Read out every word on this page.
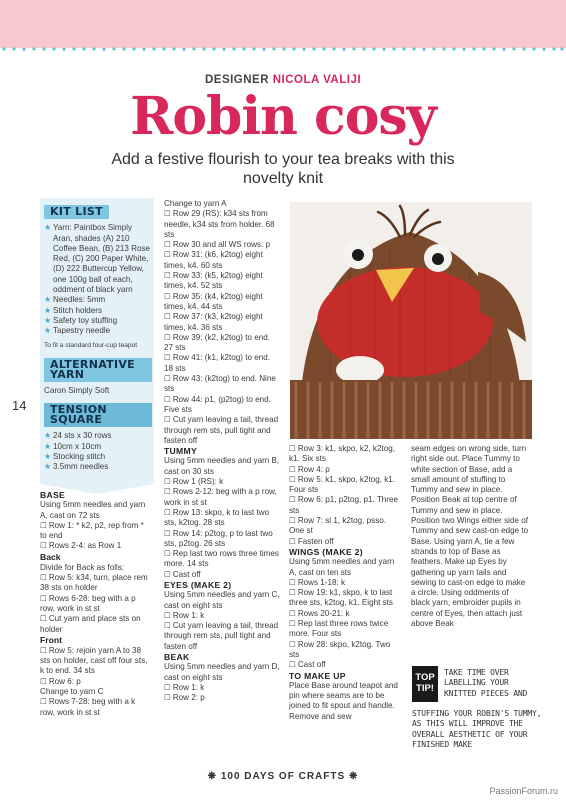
DESIGNER NICOLA VALIJI
Robin cosy
Add a festive flourish to your tea breaks with this novelty knit
KIT LIST

★ Yarn: Paintbox Simply Aran, shades (A) 210 Coffee Bean, (B) 213 Rose Red, (C) 200 Paper White, (D) 222 Buttercup Yellow, one 100g ball of each, oddment of black yarn

★ Needles: 5mm

★ Stitch holders

★ Safety toy stuffing

★ Tapestry needle

To fit a standard four-cup teapot

ALTERNATIVE YARN

Caron Simply Soft

TENSION SQUARE

★ 24 sts x 30 rows

★ 10cm x 10cm

★ Stocking stitch

★ 3.5mm needles

14

BASE

Using 5mm needles and yarn A, cast on 72 sts

☐ Row 1: * k2, p2, rep from * to end

☐ Rows 2-4: as Row 1

Back

Divide for Back as folls:

☐ Row 5: k34, turn, place rem 38 sts on holder

☐ Rows 6-28: beg with a p row, work in st st

☐ Cut yarn and place sts on holder

Front

☐ Row 5: rejoin yarn A to 38 sts on holder, cast off four sts, k to end. 34 sts

☐ Row 6: p

Change to yarn C

☐ Rows 7-28: beg with a k row, work in st st

Change to yarn A

☐ Row 29 (RS): k34 sts from needle, k34 sts from holder. 68 sts

☐ Row 30 and all WS rows: p

☐ Row 31: (k6, k2tog) eight times, k4. 60 sts

☐ Row 33: (k5, k2tog) eight times, k4. 52 sts

☐ Row 35: (k4, k2tog) eight times, k4. 44 sts

☐ Row 37: (k3, k2tog) eight times, k4. 36 sts

☐ Row 39: (k2, k2tog) to end. 27 sts

☐ Row 41: (k1, k2tog) to end. 18 sts

☐ Row 43: (k2tog) to end. Nine sts

☐ Row 44: p1, (p2tog) to end. Five sts

☐ Cut yarn leaving a tail, thread through rem sts, pull tight and fasten off

TUMMY

Using 5mm needles and yarn B, cast on 30 sts

☐ Row 1 (RS): k

☐ Rows 2-12: beg with a p row, work in st st

☐ Row 13: skpo, k to last two sts, k2tog. 28 sts

☐ Row 14: p2tog, p to last two sts, p2tog. 26 sts

☐ Rep last two rows three times more. 14 sts

☐ Cast off

EYES (MAKE 2)

Using 5mm needles and yarn C, cast on eight sts

☐ Row 1: k

☐ Cut yarn leaving a tail, thread through rem sts, pull tight and fasten off

BEAK

Using 5mm needles and yarn D, cast on eight sts

☐ Row 1: k

☐ Row 2: p

☐ Row 3: k1, skpo, k2, k2tog, k1. Six sts

☐ Row 4: p

☐ Row 5: k1, skpo, k2tog, k1. Four sts

☐ Row 6: p1, p2tog, p1. Three sts

☐ Row 7: sl 1, k2tog, psso. One st

☐ Fasten off

WINGS (MAKE 2)

Using 5mm needles and yarn A, cast on ten sts

☐ Rows 1-18: k

☐ Row 19: k1, skpo, k to last three sts, k2tog, k1. Eight sts

☐ Rows 20-21: k

☐ Rep last three rows twice more. Four sts

☐ Row 28: skpo, k2tog. Two sts

☐ Cast off

TO MAKE UP

Place Base around teapot and pin where seams are to be joined to fit spout and handle. Remove and sew

seam edges on wrong side, turn right side out. Place Tummy to white section of Base, add a small amount of stuffing to Tummy and sew in place. Position Beak at top centre of Tummy and sew in place. Position two Wings either side of Tummy and sew cast-on edge to Base. Using yarn A, tie a few strands to top of Base as feathers. Make up Eyes by gathering up yarn tails and sewing to cast-on edge to make a circle. Using oddments of black yarn, embroider pupils in centre of Eyes, then attach just above Beak

TOP
TIP!
TAKE TIME OVER LABELLING YOUR KNITTED PIECES AND
STUFFING YOUR ROBIN'S TUMMY, AS THIS WILL IMPROVE THE OVERALL AESTHETIC OF YOUR FINISHED MAKE
❋ 100 DAYS OF CRAFTS ❋
PassionForum.ru
